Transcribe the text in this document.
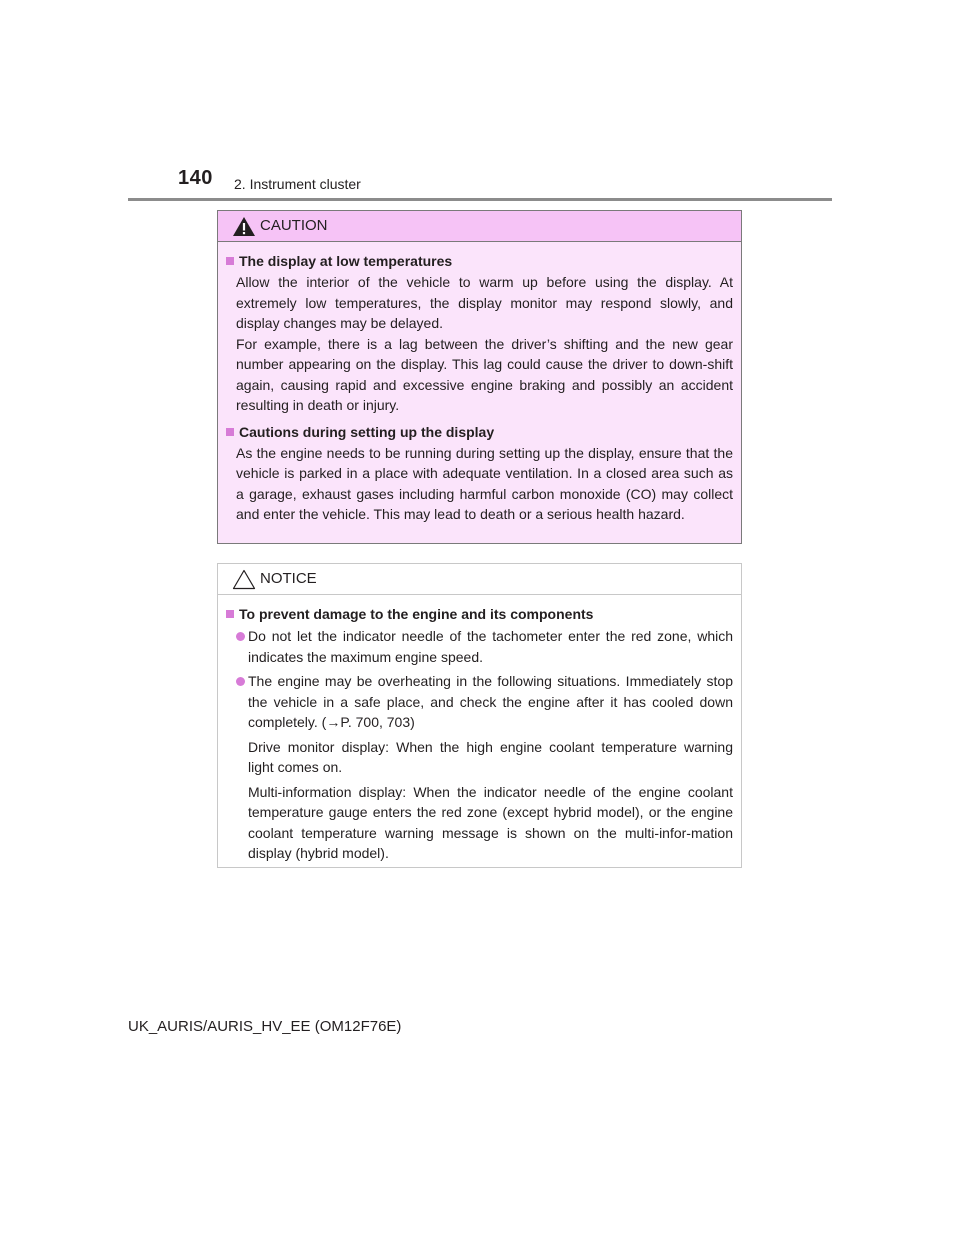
140 2. Instrument cluster
CAUTION
The display at low temperatures
Allow the interior of the vehicle to warm up before using the display. At extremely low temperatures, the display monitor may respond slowly, and display changes may be delayed.
For example, there is a lag between the driver’s shifting and the new gear number appearing on the display. This lag could cause the driver to down-shift again, causing rapid and excessive engine braking and possibly an accident resulting in death or injury.
Cautions during setting up the display
As the engine needs to be running during setting up the display, ensure that the vehicle is parked in a place with adequate ventilation. In a closed area such as a garage, exhaust gases including harmful carbon monoxide (CO) may collect and enter the vehicle. This may lead to death or a serious health hazard.
NOTICE
To prevent damage to the engine and its components
Do not let the indicator needle of the tachometer enter the red zone, which indicates the maximum engine speed.
The engine may be overheating in the following situations. Immediately stop the vehicle in a safe place, and check the engine after it has cooled down completely. (→P. 700, 703)
Drive monitor display: When the high engine coolant temperature warning light comes on.
Multi-information display: When the indicator needle of the engine coolant temperature gauge enters the red zone (except hybrid model), or the engine coolant temperature warning message is shown on the multi-infor-mation display (hybrid model).
UK_AURIS/AURIS_HV_EE (OM12F76E)
